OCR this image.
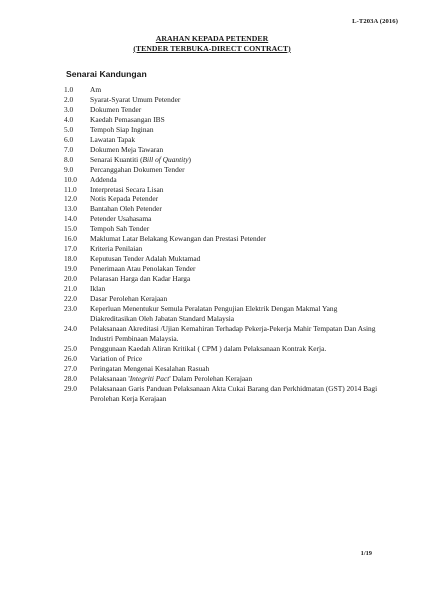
L-T203A (2016)
ARAHAN KEPADA PETENDER
(TENDER TERBUKA-DIRECT CONTRACT)
Senarai Kandungan
1.0	Am
2.0	Syarat-Syarat Umum Petender
3.0	Dokumen Tender
4.0	Kaedah Pemasangan IBS
5.0	Tempoh Siap Inginan
6.0	Lawatan Tapak
7.0	Dokumen Meja Tawaran
8.0	Senarai Kuantiti (Bill of Quantity)
9.0	Percanggahan Dokumen Tender
10.0	Addenda
11.0	Interpretasi Secara Lisan
12.0	Notis Kepada Petender
13.0	Bantahan Oleh Petender
14.0	Petender Usahasama
15.0	Tempoh Sah Tender
16.0	Maklumat Latar Belakang Kewangan dan Prestasi Petender
17.0	Kriteria Penilaian
18.0	Keputusan Tender Adalah Muktamad
19.0	Penerimaan Atau Penolakan Tender
20.0	Pelarasan Harga dan Kadar Harga
21.0	Iklan
22.0	Dasar Perolehan Kerajaan
23.0	Keperluan Menentukur Semula Peralatan Pengujian Elektrik Dengan Makmal Yang Diakreditasikan Oleh Jabatan Standard Malaysia
24.0	Pelaksanaan Akreditasi /Ujian Kemahiran Terhadap Pekerja-Pekerja Mahir Tempatan Dan Asing Industri Pembinaan Malaysia.
25.0	Penggunaan Kaedah Aliran Kritikal ( CPM ) dalam Pelaksanaan Kontrak Kerja.
26.0	Variation of Price
27.0	Peringatan Mengenai Kesalahan Rasuah
28.0	Pelaksanaan 'Integriti Pact' Dalam Perolehan Kerajaan
29.0	Pelaksanaan Garis Panduan Pelaksanaan Akta Cukai Barang dan Perkhidmatan (GST) 2014 Bagi Perolehan Kerja Kerajaan
1/19
